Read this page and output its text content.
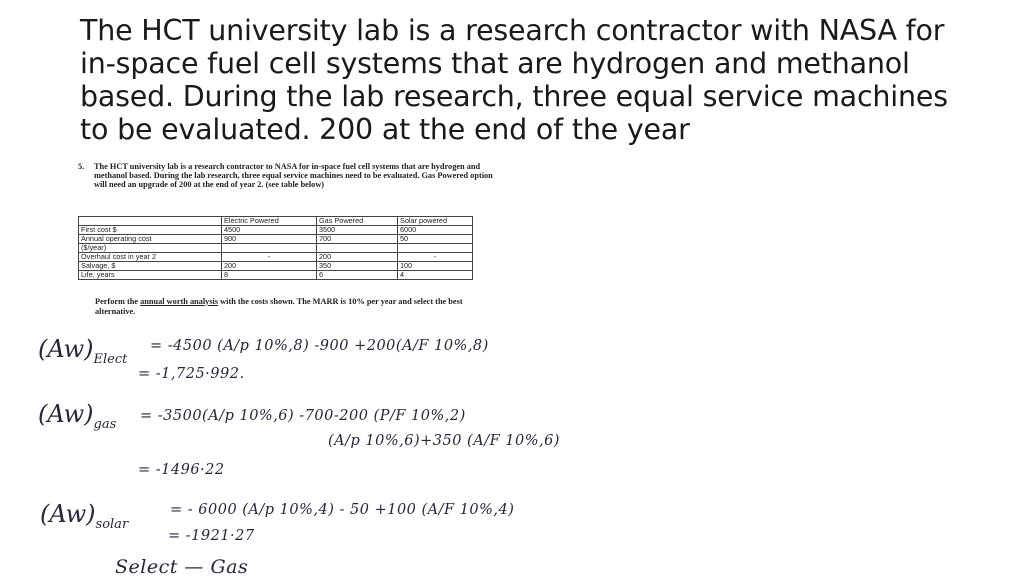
The HCT university lab is a research contractor with NASA for in-space fuel cell systems that are hydrogen and methanol based. During the lab research, three equal service machines to be evaluated. 200 at the end of the year
5. The HCT university lab is a research contractor to NASA for in-space fuel cell systems that are hydrogen and methanol based. During the lab research, three equal service machines need to be evaluated. Gas Powered option will need an upgrade of 200 at the end of year 2. (see table below)
	Electric Powered	Gas Powered	Solar powered
First cost $	4500	3500	6000
Annual operating cost	900	700	50
($/year)			
Overhaul cost in year 2	-	200	-
Salvage, $	200	350	100
Life, years	8	6	4
Perform the annual worth analysis with the costs shown. The MARR is 10% per year and select the best alternative.
$(Aw)_{Elect}$
= -4500 (A/p 10%,8) -900 +200(A/F 10%,8)
= -1,725·992.
$(Aw)_{gas}$
= -3500(A/p 10%,6) -700-200 (P/F 10%,2)
(A/p 10%,6)+350 (A/F 10%,6)
= -1496·22
$(Aw)_{solar}$
= - 6000 (A/p 10%,4) - 50 +100 (A/F 10%,4)
= -1921·27
Select — Gas
